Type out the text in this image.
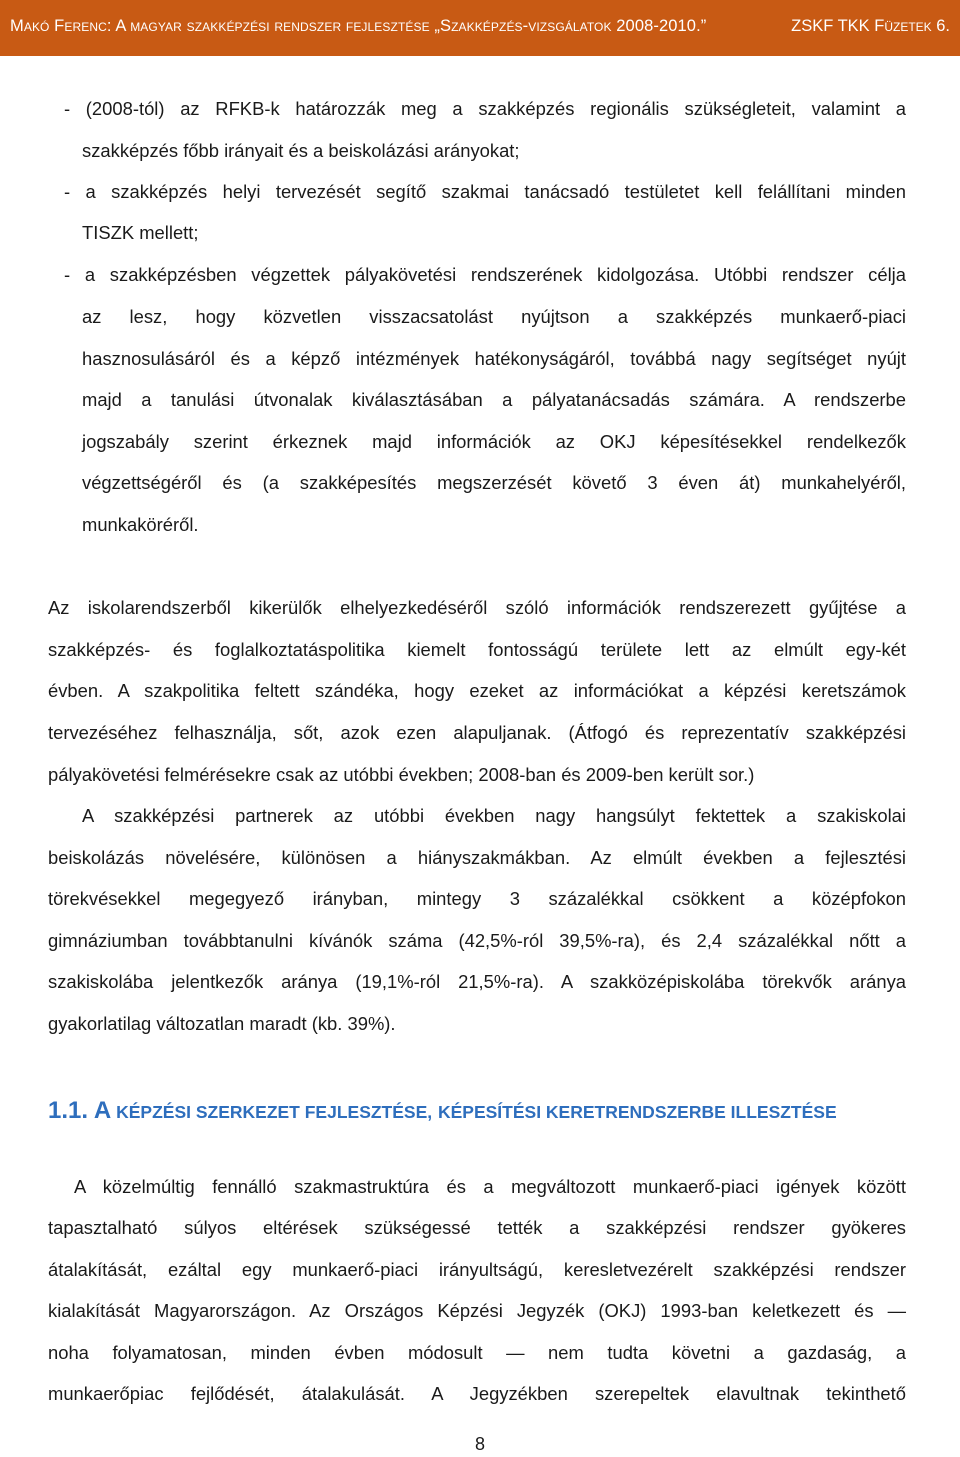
Makó Ferenc: A magyar szakképzési rendszer fejlesztése „Szakképzés-vizsgálatok 2008-2010.”	ZSKF TKK Füzetek 6.
- (2008-tól) az RFKB-k határozzák meg a szakképzés regionális szükségleteit, valamint a
szakképzés főbb irányait és a beiskolázási arányokat;
- a szakképzés helyi tervezését segítő szakmai tanácsadó testületet kell felállítani minden
TISZK mellett;
- a szakképzésben végzettek pályakövetési rendszerének kidolgozása. Utóbbi rendszer célja
az lesz, hogy közvetlen visszacsatolást nyújtson a szakképzés munkaerő-piaci
hasznosulásáról és a képző intézmények hatékonyságáról, továbbá nagy segítséget nyújt
majd a tanulási útvonalak kiválasztásában a pályatanácsadás számára. A rendszerbe
jogszabály szerint érkeznek majd információk az OKJ képesítésekkel rendelkezők
végzettségéről és (a szakképesítés megszerzését követő 3 éven át) munkahelyéről,
munkaköréről.
Az iskolarendszerből kikerülők elhelyezkedéséről szóló információk rendszerezett gyűjtése a
szakképzés- és foglalkoztatáspolitika kiemelt fontosságú területe lett az elmúlt egy-két
évben. A szakpolitika feltett szándéka, hogy ezeket az információkat a képzési keretszámok
tervezéséhez felhasználja, sőt, azok ezen alapuljanak. (Átfogó és reprezentatív szakképzési
pályakövetési felmérésekre csak az utóbbi években; 2008-ban és 2009-ben került sor.)
A szakképzési partnerek az utóbbi években nagy hangsúlyt fektettek a szakiskolai
beiskolázás növelésére, különösen a hiányszakmákban. Az elmúlt években a fejlesztési
törekvésekkel megegyező irányban, mintegy 3 százalékkal csökkent a középfokon
gimnáziumban továbbtanulni kívánók száma (42,5%-ról 39,5%-ra), és 2,4 százalékkal nőtt a
szakiskolába jelentkezők aránya (19,1%-ról 21,5%-ra). A szakközépiskolába törekvők aránya
gyakorlatilag változatlan maradt (kb. 39%).
1.1. A KÉPZÉSI SZERKEZET FEJLESZTÉSE, KÉPESÍTÉSI KERETRENDSZERBE ILLESZTÉSE
A közelmúltig fennálló szakmastruktúra és a megváltozott munkaerő-piaci igények között
tapasztalható súlyos eltérések szükségessé tették a szakképzési rendszer gyökeres
átalakítását, ezáltal egy munkaerő-piaci irányultságú, keresletvezérelt szakképzési rendszer
kialakítását Magyarországon. Az Országos Képzési Jegyzék (OKJ) 1993-ban keletkezett és —
noha folyamatosan, minden évben módosult — nem tudta követni a gazdaság, a
munkaerőpiac fejlődését, átalakulását. A Jegyzékben szerepeltek elavultnak tekinthető
8
